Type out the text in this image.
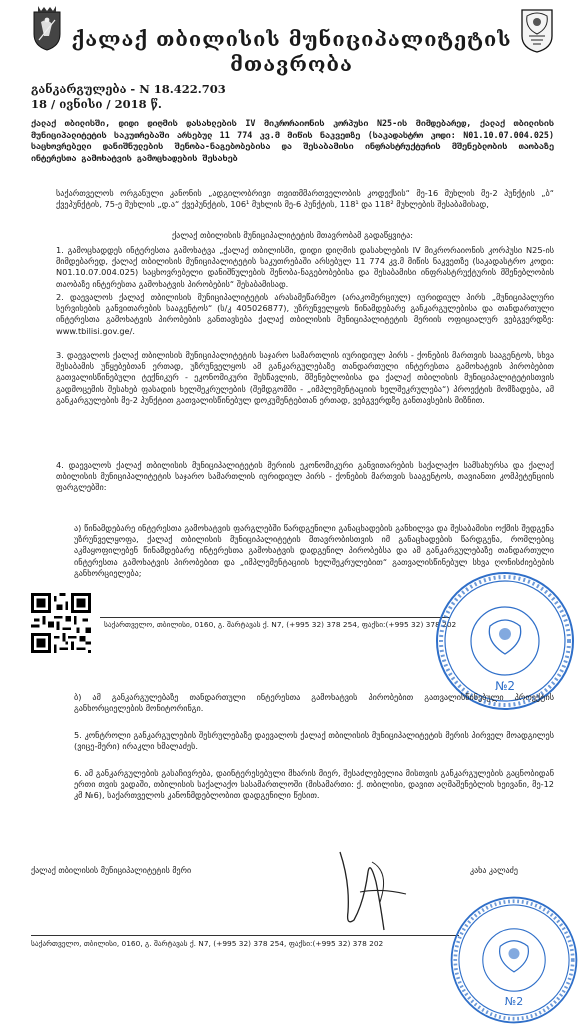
ქალაქ თბილისის მუნიციპალიტეტის
მთავრობა
განკარგულება - N 18.422.703
18 / ივნისი / 2018 წ.
ქალაქ თბილისში, დიდი დიღმის დასახლების IV მიკრორაიონის კორპუსი N25-ის მიმდებარედ, ქალაქ თბილისის მუნიციპალიტეტის საკუთრებაში არსებულ 11 774 კვ.მ მიწის ნაკვეთზე (საკადასტრო კოდი: N01.10.07.004.025) საცხოვრებელი დანიშნულების შენობა-ნაგებობებისა და შესაბამისი ინფრასტრუქტურის მშენებლობის თაობაზე ინტერესთა გამოხატვის გამოცხადების შესახებ
საქართველოს ორგანული კანონის „ადგილობრივი თვითმმართველობის კოდექსის“ მე-16 მუხლის მე-2 პუნქტის „ბ“ ქვეპუნქტის, 75-ე მუხლის „დ.ა“ ქვეპუნქტის, 106¹ მუხლის მე-6 პუნქტის, 118¹ და 118² მუხლების შესაბამისად,
ქალაქ თბილისის მუნიციპალიტეტის მთავრობამ გადაწყვიტა:
1. გამოცხადდეს ინტერესთა გამოხატვა „ქალაქ თბილისში, დიდი დიღმის დასახლების IV მიკრორაიონის კორპუსი N25-ის მიმდებარედ, ქალაქ თბილისის მუნიციპალიტეტის საკუთრებაში არსებულ 11 774 კვ.მ მიწის ნაკვეთზე (საკადასტრო კოდი: N01.10.07.004.025) საცხოვრებელი დანიშნულების შენობა-ნაგებობებისა და შესაბამისი ინფრასტრუქტურის მშენებლობის თაობაზე ინტერესთა გამოხატვის პირობების“ შესაბამისად.
2. დაევალოს ქალაქ თბილისის მუნიციპალიტეტის არასამეწარმეო (არაკომერციულ) იურიდიულ პირს „მუნიციპალური სერვისების განვითარების სააგენტოს“ (ს/კ 405026877), უზრუნველყოს წინამდებარე განკარგულებისა და თანდართული ინტერესთა გამოხატვის პირობების განთავსება ქალაქ თბილისის მუნიციპალიტეტის მერიის ოფიციალურ ვებგვერდზე: www.tbilisi.gov.ge/.
3. დაევალოს ქალაქ თბილისის მუნიციპალიტეტის საჯარო სამართლის იურიდიულ პირს - ქონების მართვის სააგენტოს, სხვა შესაბამის უწყებებთან ერთად, უზრუნველყოს ამ განკარგულებაზე თანდართული ინტერესთა გამოხატვის პირობებით გათვალისწინებული ტექნიკურ - ეკონომიკური შესწავლის, მშენებლობისა და ქალაქ თბილისის მუნიციპალიტეტისთვის გადმოცემის შესახებ ფასადის ხელშეკრულების (შემდგომში - „იმპლემენტაციის ხელშეკრულება“) პროექტის მომზადება, ამ განკარგულების მე-2 პუნქტით გათვალისწინებულ დოკუმენტებთან ერთად, ვებგვერდზე განთავსების მიზნით.
4. დაევალოს ქალაქ თბილისის მუნიციპალიტეტის მერიის ეკონომიკური განვითარების საქალაქო სამსახურსა და ქალაქ თბილისის მუნიციპალიტეტის საჯარო სამართლის იურიდიულ პირს - ქონების მართვის სააგენტოს, თავიანთი კომპეტენციის ფარგლებში:
ა) წინამდებარე ინტერესთა გამოხატვის ფარგლებში წარდგენილი განაცხადების განხილვა და შესაბამისი ოქმის შედგენა უზრუნველყოფა, ქალაქ თბილისის მუნიციპალიტეტის მთავრობისთვის იმ განაცხადების წარდგენა, რომლებიც აკმაყოფილებენ წინამდებარე ინტერესთა გამოხატვის დადგენილ პირობებსა და ამ განკარგულებაზე თანდართული ინტერესთა გამოხატვის პირობებით და „იმპლემენტაციის ხელშეკრულებით“ გათვალისწინებულ სხვა ღონისძიებების განხორციელება;
საქართველო, თბილისი, 0160, გ. შარტავას ქ. N7, (+995 32) 378 254, ფაქსი:(+995 32) 378 202
№2
ბ) ამ განკარგულებაზე თანდართული ინტერესთა გამოხატვის პირობებით გათვალისწინებული პროექტის განხორციელების მონიტორინგი.
5. კონტროლი განკარგულების შესრულებაზე დაევალოს ქალაქ თბილისის მუნიციპალიტეტის მერის პირველ მოადგილეს (ვიცე-მერი) ირაკლი ხმალაძეს.
6. ამ განკარგულების გასაჩივრება, დაინტერესებული მხარის მიერ, შესაძლებელია მისთვის განკარგულების გაცნობიდან ერთი თვის ვადაში, თბილისის საქალაქო სასამართლოში (მისამართი: ქ. თბილისი, დავით აღმაშენებლის ხეივანი, მე-12 კმ №6), საქართველოს კანონმდებლობით დადგენილი წესით.
ქალაქ თბილისის მუნიციპალიტეტის მერი	კახა კალაძე
საქართველო, თბილისი, 0160, გ. შარტავას ქ. N7, (+995 32) 378 254, ფაქსი:(+995 32) 378 202
№2
